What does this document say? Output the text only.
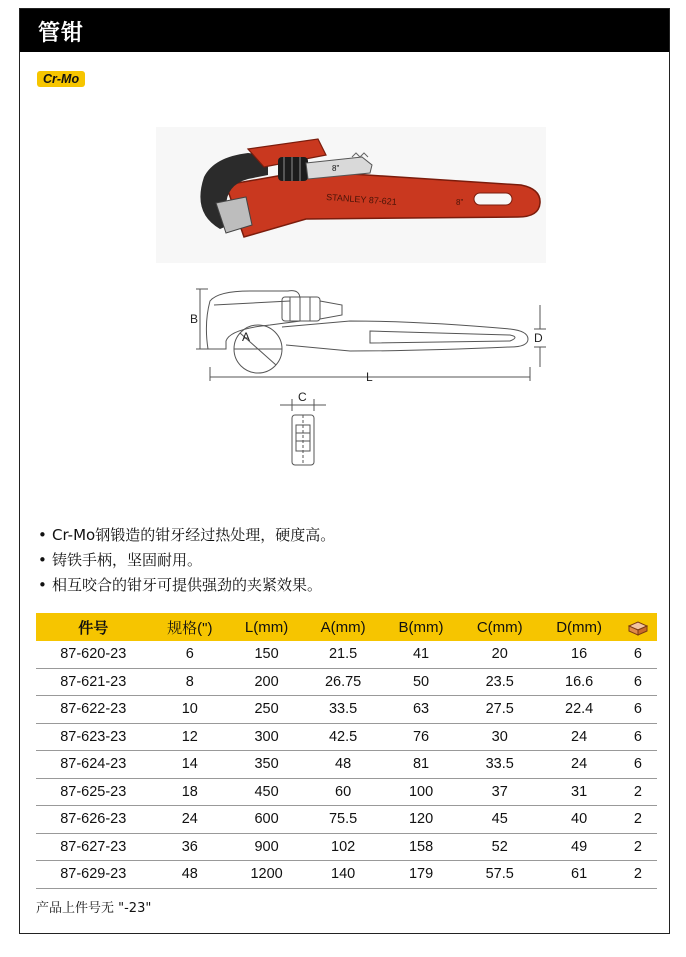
管钳
Cr-Mo
8"
STANLEY 87-621	8"
B
A	D
L
C
• Cr-Mo钢锻造的钳牙经过热处理，硬度高。
• 铸铁手柄，坚固耐用。
• 相互咬合的钳牙可提供强劲的夹紧效果。
件号	规格(")	L(mm)	A(mm)	B(mm)	C(mm)	D(mm)	
87-620-23	6	150	21.5	41	20	16	6
87-621-23	8	200	26.75	50	23.5	16.6	6
87-622-23	10	250	33.5	63	27.5	22.4	6
87-623-23	12	300	42.5	76	30	24	6
87-624-23	14	350	48	81	33.5	24	6
87-625-23	18	450	60	100	37	31	2
87-626-23	24	600	75.5	120	45	40	2
87-627-23	36	900	102	158	52	49	2
87-629-23	48	1200	140	179	57.5	61	2
产品上件号无 "-23"
